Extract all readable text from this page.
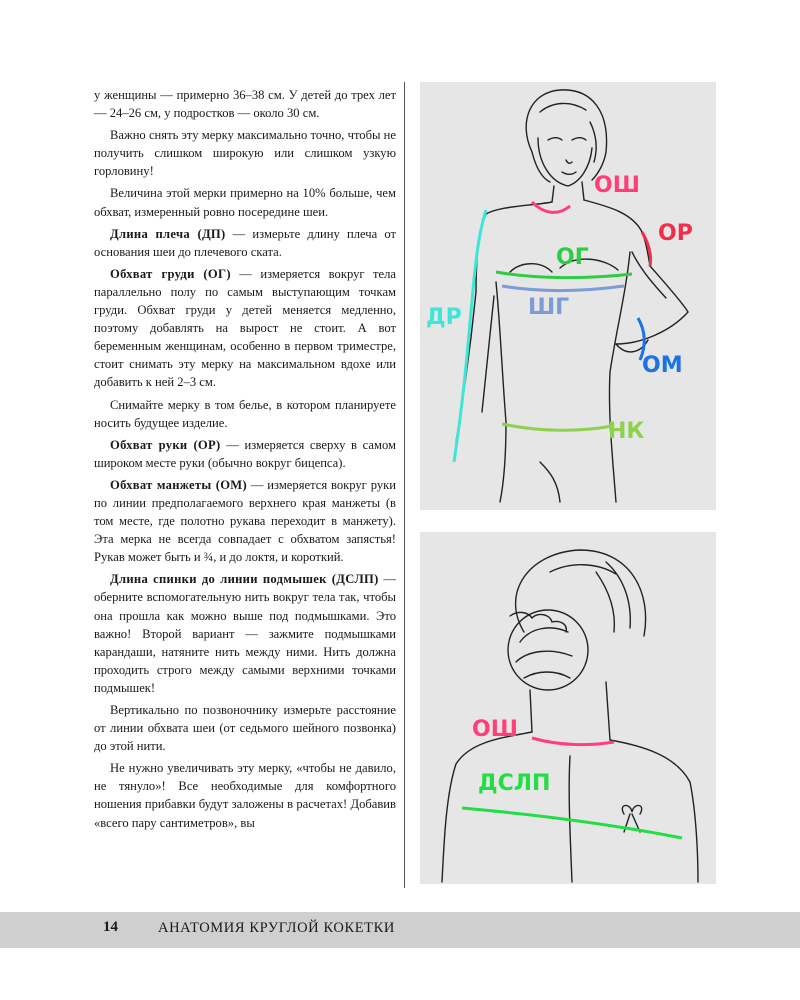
у женщины — примерно 36–38 см. У детей до трех лет — 24–26 см, у подростков — около 30 см.

Важно снять эту мерку максимально точно, чтобы не получить слишком широкую или слишком узкую горловину!

Величина этой мерки примерно на 10% больше, чем обхват, измеренный ровно посередине шеи.

Длина плеча (ДП) — измерьте длину плеча от основания шеи до плечевого ската.

Обхват груди (ОГ) — измеряется вокруг тела параллельно полу по самым выступающим точкам груди. Обхват груди у детей меняется медленно, поэтому добавлять на вырост не стоит. А вот беременным женщинам, особенно в первом триместре, стоит снимать эту мерку на максимальном вдохе или добавить к ней 2–3 см.

Снимайте мерку в том белье, в котором планируете носить будущее изделие.

Обхват руки (ОР) — измеряется сверху в самом широком месте руки (обычно вокруг бицепса).

Обхват манжеты (ОМ) — измеряется вокруг руки по линии предполагаемого верхнего края манжеты (в том месте, где полотно рукава переходит в манжету). Эта мерка не всегда совпадает с обхватом запястья! Рукав может быть и ¾, и до локтя, и короткий.

Длина спинки до линии подмышек (ДСЛП) — оберните вспомогательную нить вокруг тела так, чтобы она прошла как можно выше под подмышками. Это важно! Второй вариант — зажмите подмышками карандаши, натяните нить между ними. Нить должна проходить строго между самыми верхними точками подмышек!

Вертикально по позвоночнику измерьте расстояние от линии обхвата шеи (от седьмого шейного позвонка) до этой нити.

Не нужно увеличивать эту мерку, «чтобы не давило, не тянуло»! Все необходимые для комфортного ношения прибавки будут заложены в расчетах! Добавив «всего пару сантиметров», вы

ОШ
ОР
ОГ
ШГ
ДР
ОМ
НК
ОШ
ДСЛП
14	АНАТОМИЯ КРУГЛОЙ КОКЕТКИ
